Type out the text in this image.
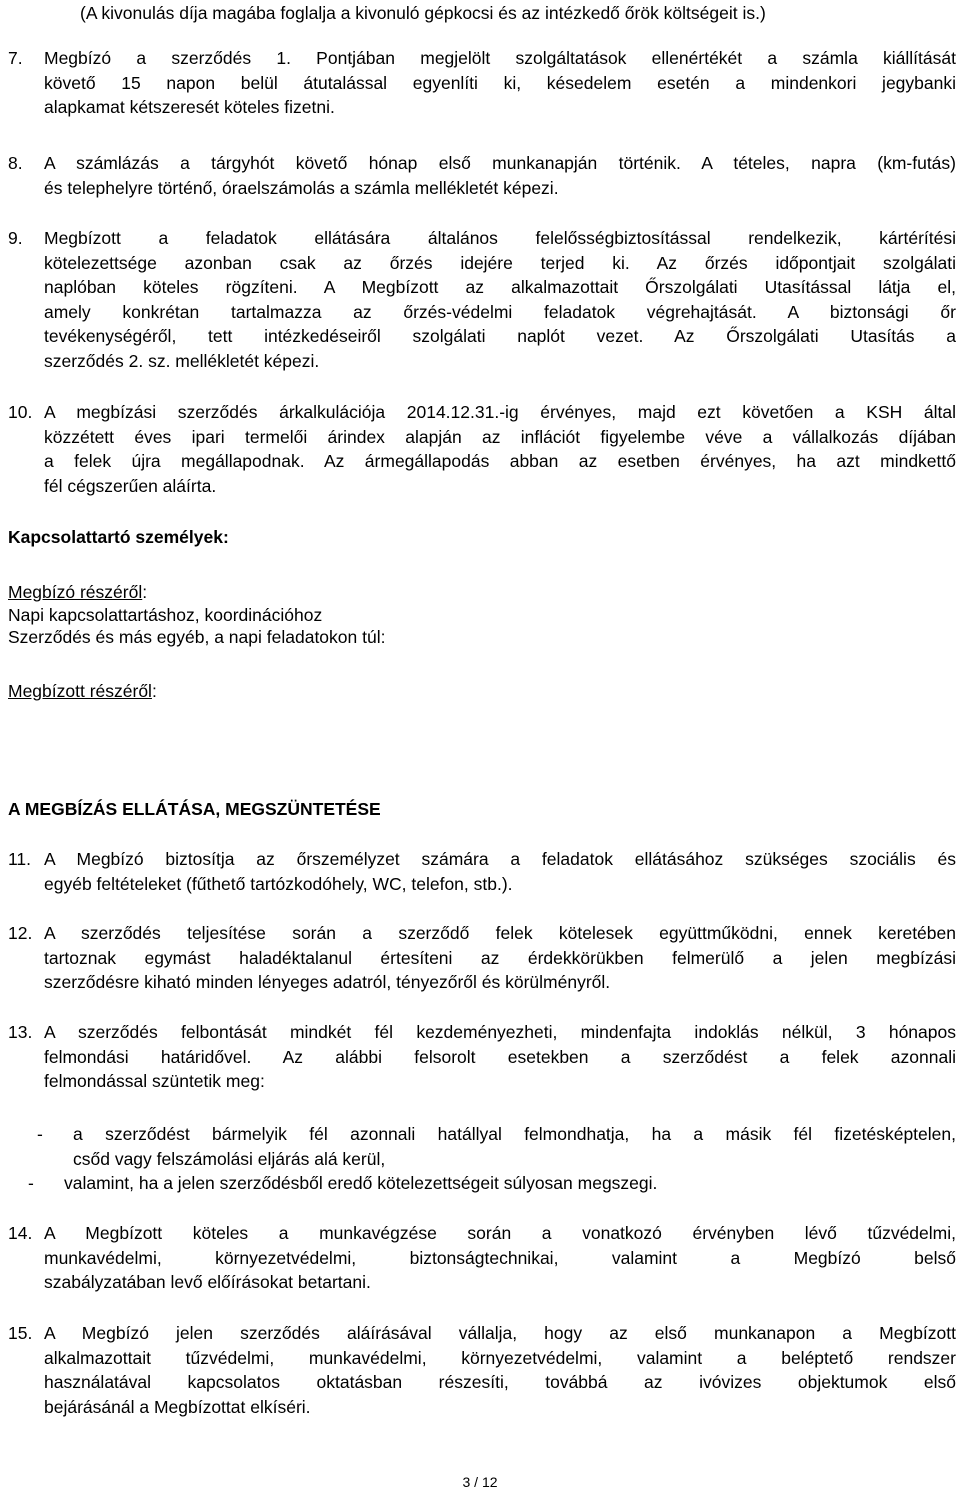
(A kivonulás díja magába foglalja a kivonuló gépkocsi és az intézkedő őrök költségeit is.)
7. Megbízó a szerződés 1. Pontjában megjelölt szolgáltatások ellenértékét a számla kiállítását
követő 15 napon belül átutalással egyenlíti ki, késedelem esetén a mindenkori jegybanki
alapkamat kétszeresét köteles fizetni.
8. A számlázás a tárgyhót követő hónap első munkanapján történik. A tételes, napra (km-futás)
és telephelyre történő, óraelszámolás a számla mellékletét képezi.
9. Megbízott a feladatok ellátására általános felelősségbiztosítással rendelkezik, kártérítési
kötelezettsége azonban csak az őrzés idejére terjed ki. Az őrzés időpontjait szolgálati
naplóban köteles rögzíteni. A Megbízott az alkalmazottait Őrszolgálati Utasítással látja el,
amely konkrétan tartalmazza az őrzés-védelmi feladatok végrehajtását. A biztonsági őr
tevékenységéről, tett intézkedéseiről szolgálati naplót vezet. Az Őrszolgálati Utasítás a
szerződés 2. sz. mellékletét képezi.
10. A megbízási szerződés árkalkulációja 2014.12.31.-ig érvényes, majd ezt követően a KSH által
közzétett éves ipari termelői árindex alapján az inflációt figyelembe véve a vállalkozás díjában
a felek újra megállapodnak. Az ármegállapodás abban az esetben érvényes, ha azt mindkettő
fél cégszerűen aláírta.
Kapcsolattartó személyek:
Megbízó részéről:
Napi kapcsolattartáshoz, koordinációhoz
Szerződés és más egyéb, a napi feladatokon túl:
Megbízott részéről:
A MEGBÍZÁS ELLÁTÁSA, MEGSZÜNTETÉSE
11. A Megbízó biztosítja az őrszemélyzet számára a feladatok ellátásához szükséges szociális és
egyéb feltételeket (fűthető tartózkodóhely, WC, telefon, stb.).
12. A szerződés teljesítése során a szerződő felek kötelesek együttműködni, ennek keretében
tartoznak egymást haladéktalanul értesíteni az érdekkörükben felmerülő a jelen megbízási
szerződésre kiható minden lényeges adatról, tényezőről és körülményről.
13. A szerződés felbontását mindkét fél kezdeményezheti, mindenfajta indoklás nélkül, 3 hónapos
felmondási határidővel. Az alábbi felsorolt esetekben a szerződést a felek azonnali
felmondással szüntetik meg:
- a szerződést bármelyik fél azonnali hatállyal felmondhatja, ha a másik fél fizetésképtelen,
csőd vagy felszámolási eljárás alá kerül,
- valamint, ha a jelen szerződésből eredő kötelezettségeit súlyosan megszegi.
14. A Megbízott köteles a munkavégzése során a vonatkozó érvényben lévő tűzvédelmi,
munkavédelmi, környezetvédelmi, biztonságtechnikai, valamint a Megbízó belső
szabályzatában levő előírásokat betartani.
15. A Megbízó jelen szerződés aláírásával vállalja, hogy az első munkanapon a Megbízott
alkalmazottait tűzvédelmi, munkavédelmi, környezetvédelmi, valamint a beléptető rendszer
használatával kapcsolatos oktatásban részesíti, továbbá az ivóvizes objektumok első
bejárásánál a Megbízottat elkíséri.
3 / 12
